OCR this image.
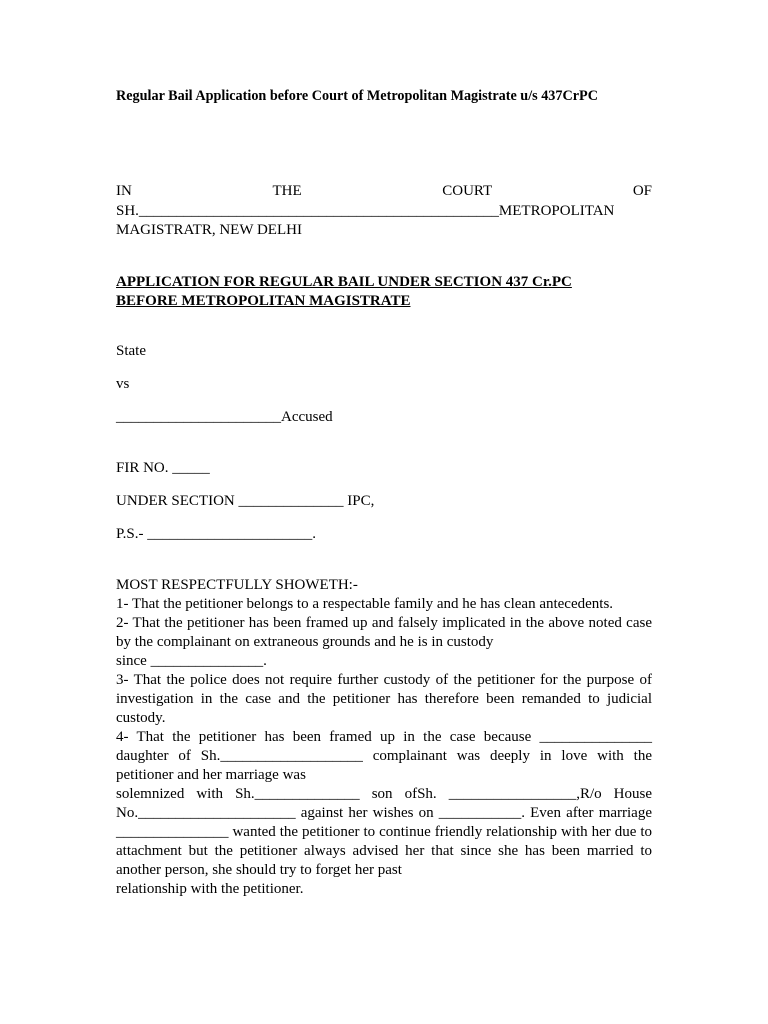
Regular Bail Application before Court of Metropolitan Magistrate u/s 437CrPC
IN	THE	COURT	OF
SH.________________________________________________METROPOLITAN
MAGISTRATR, NEW DELHI
APPLICATION FOR REGULAR BAIL UNDER SECTION 437 Cr.PC
BEFORE METROPOLITAN MAGISTRATE
State
vs
______________________Accused
FIR NO. _____
UNDER SECTION ______________ IPC,
P.S.- ______________________.

MOST RESPECTFULLY SHOWETH:-

1- That the petitioner belongs to a respectable family and he has clean antecedents.

2- That the petitioner has been framed up and falsely implicated in the above noted case by the complainant on extraneous grounds and he is in custody

since _______________.

3- That the police does not require further custody of the petitioner for the purpose of investigation in the case and the petitioner has therefore been remanded to judicial custody.

4- That the petitioner has been framed up in the case because _______________ daughter of Sh.___________________ complainant was deeply in love with the petitioner and her marriage was

solemnized with Sh.______________ son ofSh. _________________,R/o House No._____________________ against her wishes on ___________. Even after marriage _______________ wanted the petitioner to continue friendly relationship with her due to attachment but the petitioner always advised her that since she has been married to another person, she should try to forget her past

relationship with the petitioner.
